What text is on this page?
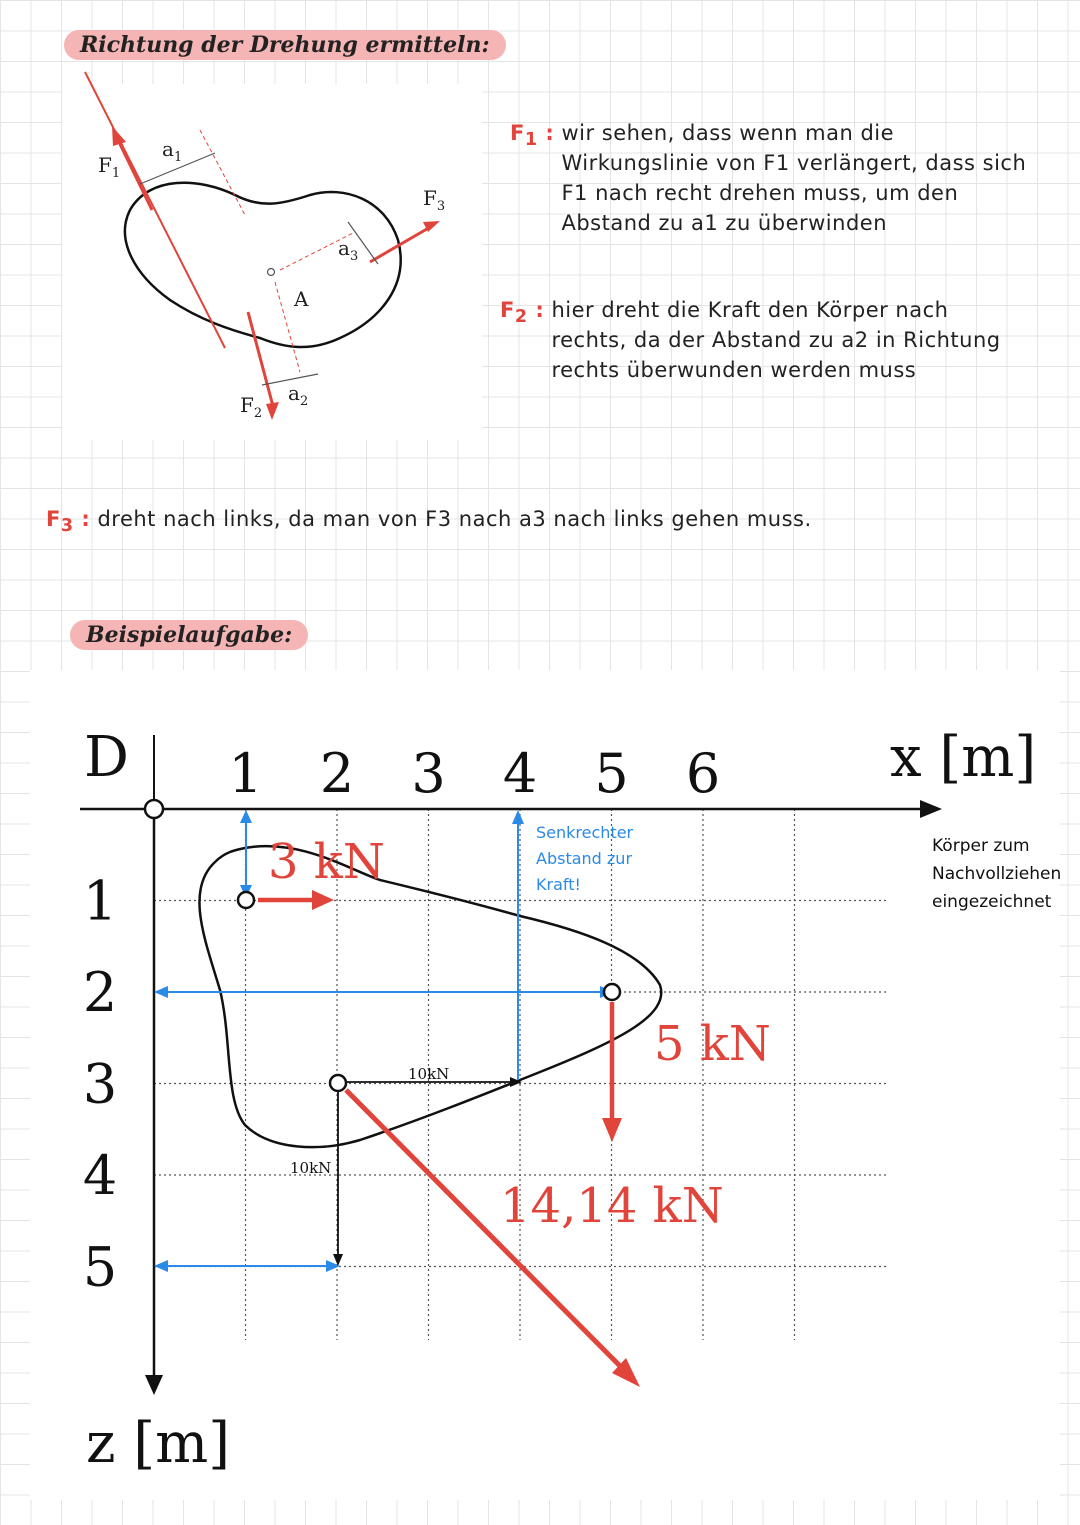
Richtung der Drehung ermitteln:
$F_1$
$a_1$
$F_3$
$a_3$
A
$a_2$
$F_2$
$F_1$ : wir sehen, dass wenn man die Wirkungslinie von F1 verlängert, dass sich F1 nach recht drehen muss, um den Abstand zu a1 zu überwinden
$F_2$ : hier dreht die Kraft den Körper nach rechts, da der Abstand zu a2 in Richtung rechts überwunden werden muss
$F_3$ : dreht nach links, da man von F3 nach a3 nach links gehen muss.
Beispielaufgabe:
D	x [m]
z [m]
1 2 3 4 5 6
1
2
3
4
5
10kN
10kN
3 kN
5 kN
14,14 kN
Senkrechter Abstand zur Kraft!
Körper zum Nachvollziehen eingezeichnet
